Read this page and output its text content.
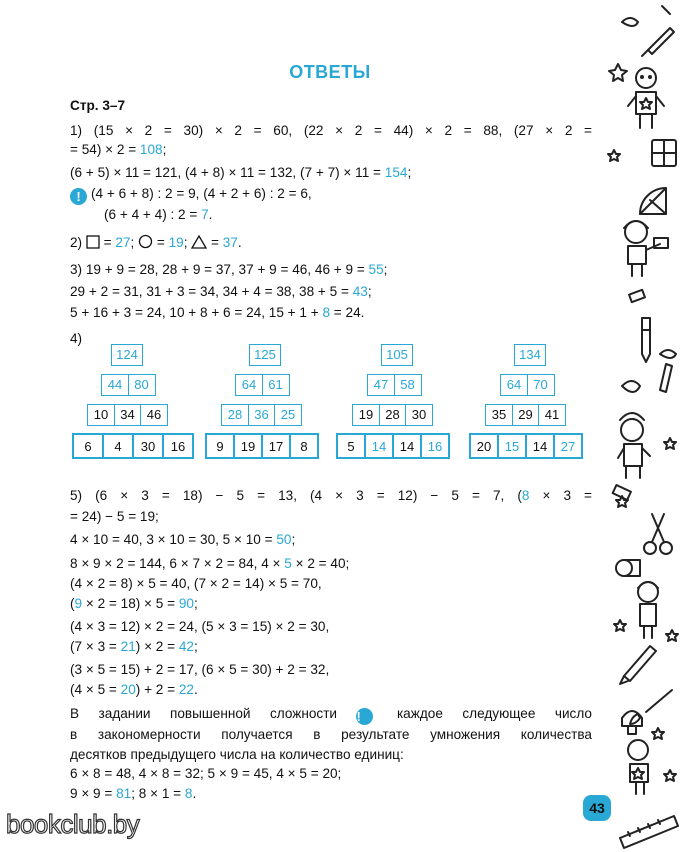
ОТВЕТЫ
Стр. 3–7
1) (15 × 2 = 30) × 2 = 60, (22 × 2 = 44) × 2 = 88, (27 × 2 =
= 54) × 2 = 108;
(6 + 5) × 11 = 121, (4 + 8) × 11 = 132, (7 + 7) × 11 = 154;
! (4 + 6 + 8) : 2 = 9, (4 + 2 + 6) : 2 = 6,
(6 + 4 + 4) : 2 = 7.
2)  = 27;  = 19;  = 37.
3) 19 + 9 = 28, 28 + 9 = 37, 37 + 9 = 46, 46 + 9 = 55;
29 + 2 = 31, 31 + 3 = 34, 34 + 4 = 38, 38 + 5 = 43;
5 + 16 + 3 = 24, 10 + 8 + 6 = 24, 15 + 1 + 8 = 24.
4)
124
44 80
10 34 46
6	4	30	16
125
64 61
28 36 25
9	19	17	8
105
47 58
19 28 30
5	14	14	16
134
64 70
35 29 41
20	15	14	27
5) (6 × 3 = 18) − 5 = 13, (4 × 3 = 12) − 5 = 7, (8 × 3 =
= 24) − 5 = 19;
4 × 10 = 40, 3 × 10 = 30, 5 × 10 = 50;
8 × 9 × 2 = 144, 6 × 7 × 2 = 84, 4 × 5 × 2 = 40;
(4 × 2 = 8) × 5 = 40, (7 × 2 = 14) × 5 = 70,
(9 × 2 = 18) × 5 = 90;
(4 × 3 = 12) × 2 = 24, (5 × 3 = 15) × 2 = 30,
(7 × 3 = 21) × 2 = 42;
(3 × 5 = 15) + 2 = 17, (6 × 5 = 30) + 2 = 32,
(4 × 5 = 20) + 2 = 22.
В задании повышенной сложности ! каждое следующее число
в закономерности получается в результате умножения количества
десятков предыдущего числа на количество единиц:
6 × 8 = 48, 4 × 8 = 32; 5 × 9 = 45, 4 × 5 = 20;
9 × 9 = 81; 8 × 1 = 8.
43
bookclub.by
